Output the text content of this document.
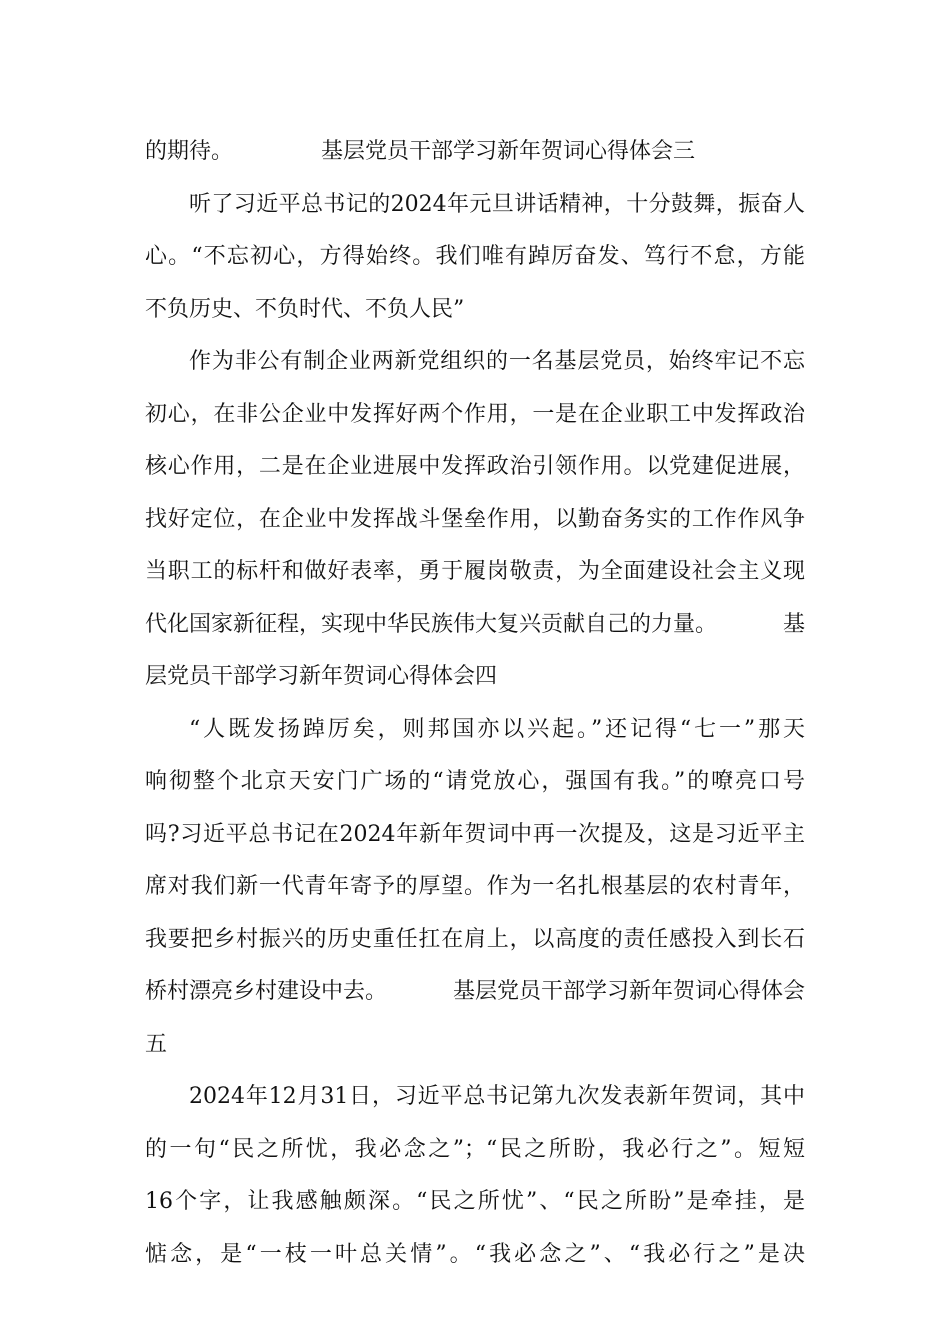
的期待。	基层党员干部学习新年贺词心得体会三
听了习近平总书记的2024年元旦讲话精神，十分鼓舞，振奋人
心。“不忘初心，方得始终。我们唯有踔厉奋发、笃行不怠，方能
不负历史、不负时代、不负人民”
作为非公有制企业两新党组织的一名基层党员，始终牢记不忘
初心，在非公企业中发挥好两个作用，一是在企业职工中发挥政治
核心作用，二是在企业进展中发挥政治引领作用。以党建促进展，
找好定位，在企业中发挥战斗堡垒作用，以勤奋务实的工作作风争
当职工的标杆和做好表率，勇于履岗敬责，为全面建设社会主义现
代化国家新征程，实现中华民族伟大复兴贡献自己的力量。	基
层党员干部学习新年贺词心得体会四
“人既发扬踔厉矣，则邦国亦以兴起。”还记得“七一”那天
响彻整个北京天安门广场的“请党放心，强国有我。”的嘹亮口号
吗?习近平总书记在2024年新年贺词中再一次提及，这是习近平主
席对我们新一代青年寄予的厚望。作为一名扎根基层的农村青年，
我要把乡村振兴的历史重任扛在肩上，以高度的责任感投入到长石
桥村漂亮乡村建设中去。	基层党员干部学习新年贺词心得体会
五
2024年12月31日，习近平总书记第九次发表新年贺词，其中
的一句“民之所忧，我必念之”；“民之所盼，我必行之”。短短
16个字，让我感触颇深。“民之所忧”、“民之所盼”是牵挂，是
惦念，是“一枝一叶总关情”。“我必念之”、“我必行之”是决
